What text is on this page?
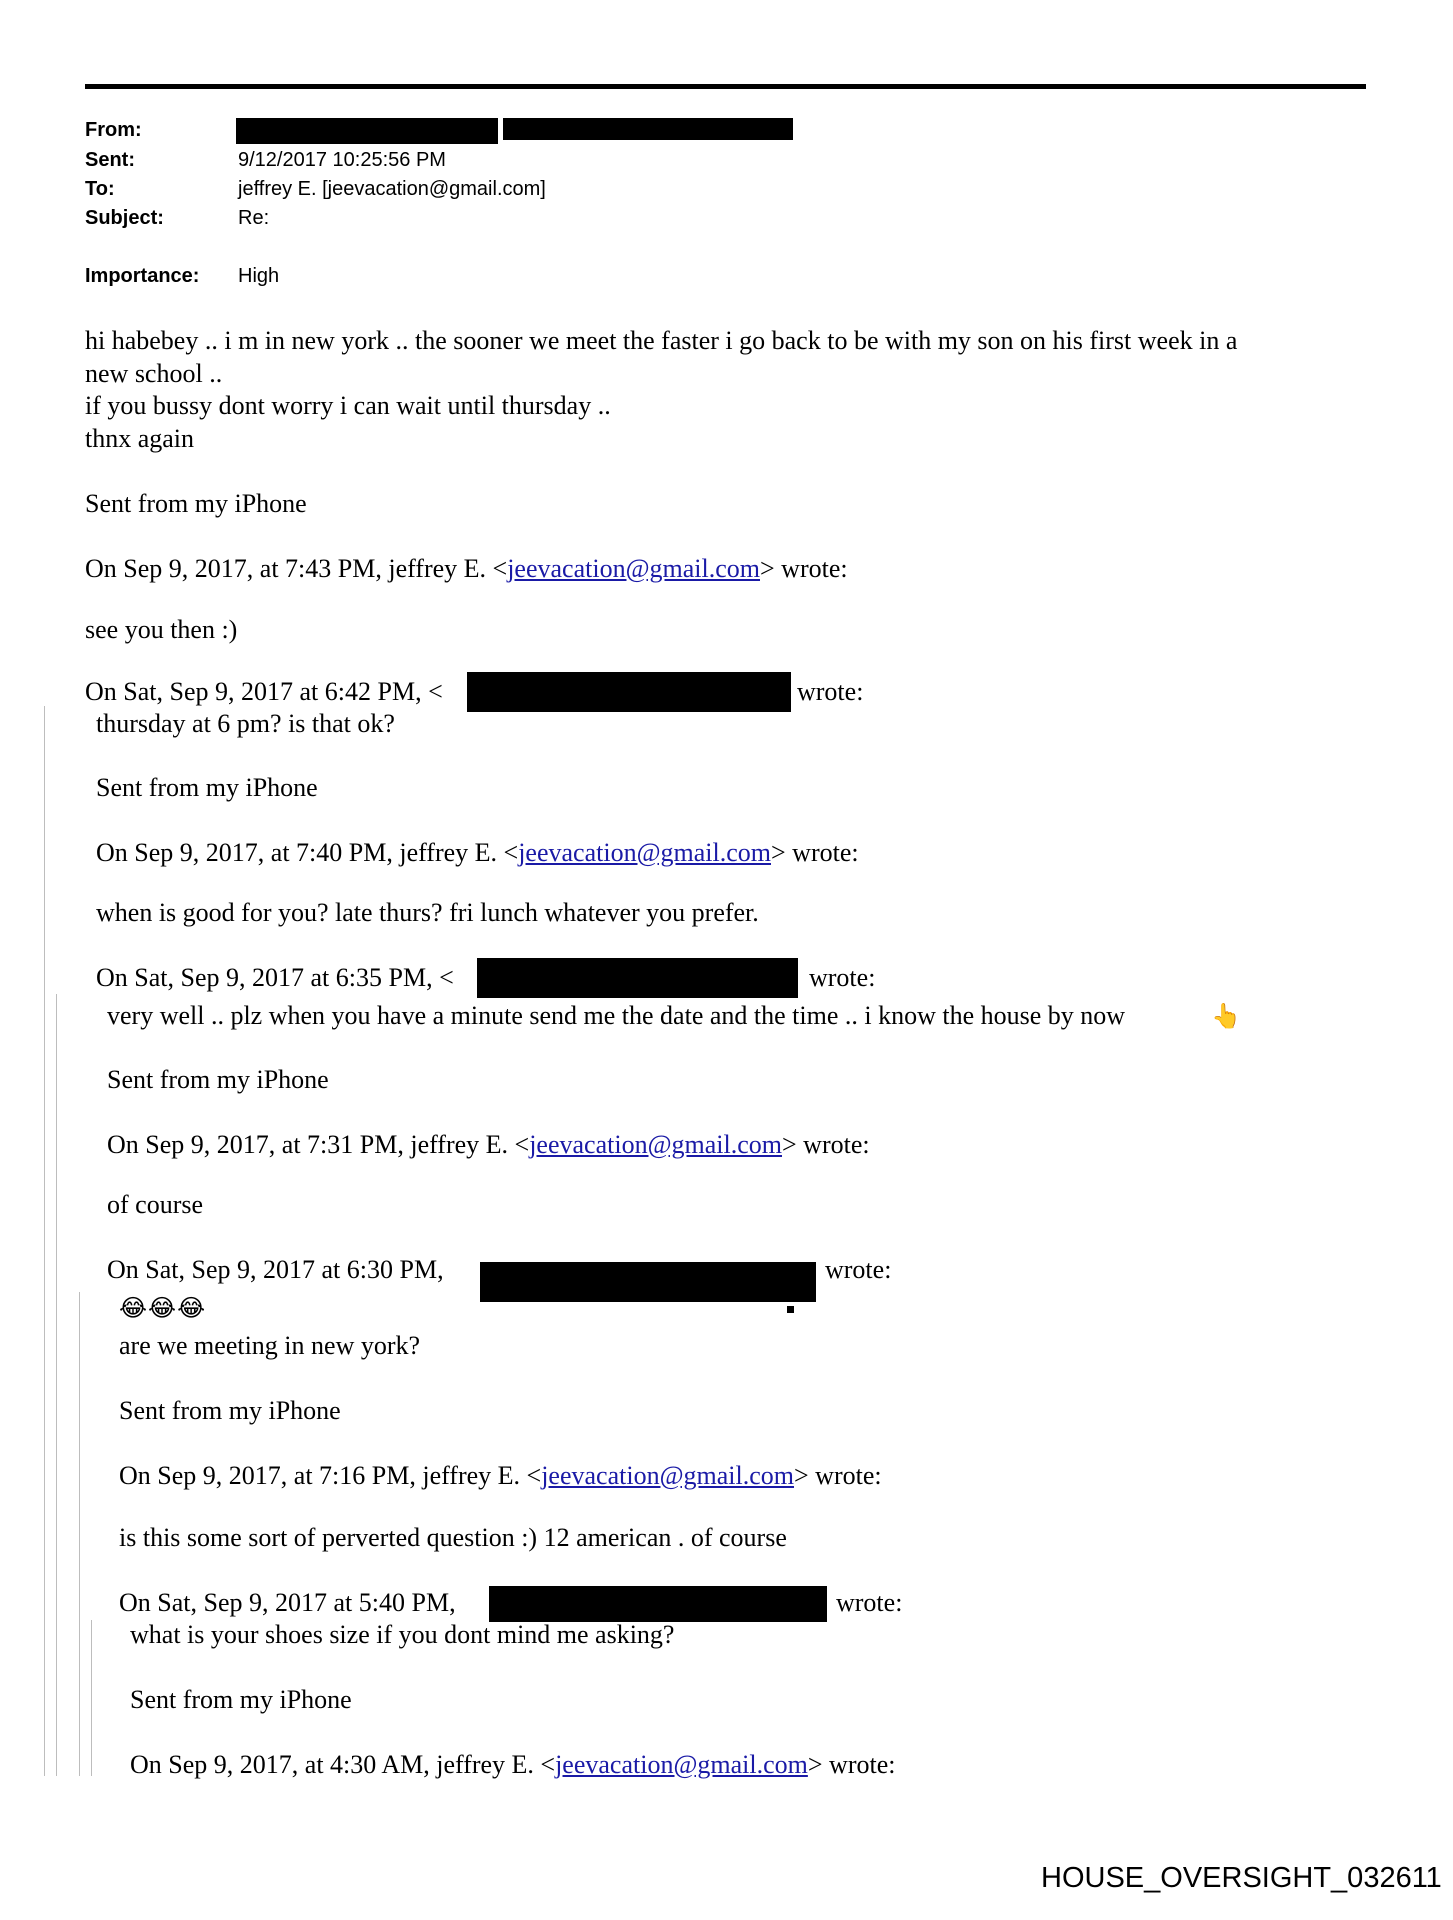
From:
Sent:	9/12/2017 10:25:56 PM
To:	jeffrey E. [jeevacation@gmail.com]
Subject:	Re:
Importance: High
hi habebey .. i m in new york .. the sooner we meet the faster i go back to be with my son on his first week in a
new school ..
if you bussy dont worry i can wait until thursday ..
thnx again
Sent from my iPhone
On Sep 9, 2017, at 7:43 PM, jeffrey E. <jeevacation@gmail.com> wrote:
see you then :)
On Sat, Sep 9, 2017 at 6:42 PM, <	wrote:
thursday at 6 pm? is that ok?
Sent from my iPhone
On Sep 9, 2017, at 7:40 PM, jeffrey E. <jeevacation@gmail.com> wrote:
when is good for you? late thurs? fri lunch whatever you prefer.
On Sat, Sep 9, 2017 at 6:35 PM, <	wrote:
very well .. plz when you have a minute send me the date and the time .. i know the house by now	👆
Sent from my iPhone
On Sep 9, 2017, at 7:31 PM, jeffrey E. <jeevacation@gmail.com> wrote:
of course
On Sat, Sep 9, 2017 at 6:30 PM,	wrote:
😂😂😂
are we meeting in new york?
Sent from my iPhone
On Sep 9, 2017, at 7:16 PM, jeffrey E. <jeevacation@gmail.com> wrote:
is this some sort of perverted question :) 12 american . of course
On Sat, Sep 9, 2017 at 5:40 PM,	wrote:
what is your shoes size if you dont mind me asking?
Sent from my iPhone
On Sep 9, 2017, at 4:30 AM, jeffrey E. <jeevacation@gmail.com> wrote:
HOUSE_OVERSIGHT_032611
